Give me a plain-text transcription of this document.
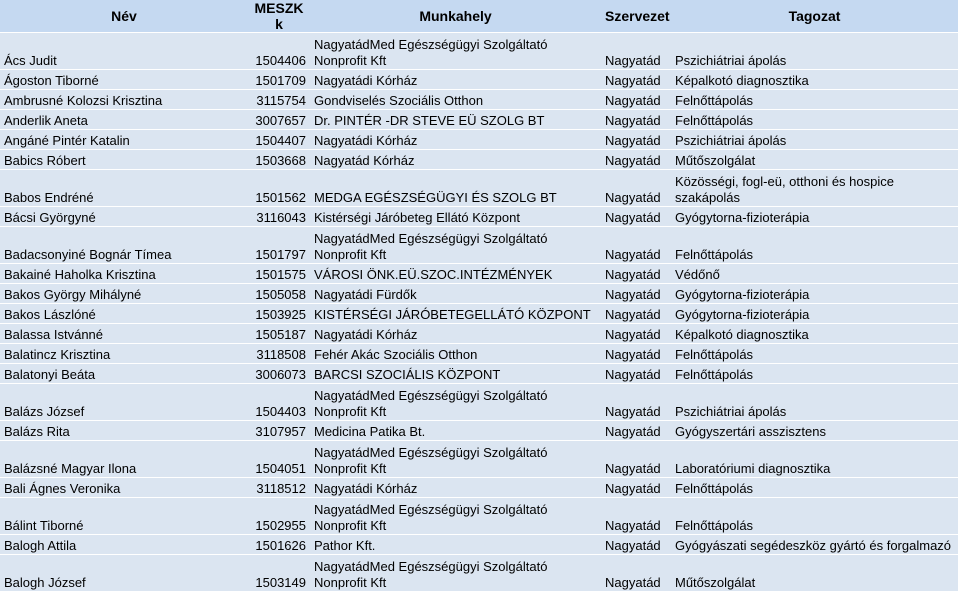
Név	MESZK k	Munkahely	Szervezet	Tagozat
Ács Judit	1504406	NagyatádMed Egészségügyi Szolgáltató Nonprofit Kft	Nagyatád	Pszichiátriai ápolás
Ágoston Tiborné	1501709	Nagyatádi Kórház	Nagyatád	Képalkotó diagnosztika
Ambrusné Kolozsi Krisztina	3115754	Gondviselés Szociális Otthon	Nagyatád	Felnőttápolás
Anderlik Aneta	3007657	Dr. PINTÉR -DR STEVE EÜ SZOLG BT	Nagyatád	Felnőttápolás
Angáné Pintér Katalin	1504407	Nagyatádi Kórház	Nagyatád	Pszichiátriai ápolás
Babics Róbert	1503668	Nagyatád Kórház	Nagyatád	Műtőszolgálat
Babos Endréné	1501562	MEDGA EGÉSZSÉGÜGYI ÉS SZOLG BT	Nagyatád	Közösségi, fogl-eü, otthoni és hospice szakápolás
Bácsi Györgyné	3116043	Kistérségi Járóbeteg Ellátó Központ	Nagyatád	Gyógytorna-fizioterápia
Badacsonyiné Bognár Tímea	1501797	NagyatádMed Egészségügyi Szolgáltató Nonprofit Kft	Nagyatád	Felnőttápolás
Bakainé Haholka Krisztina	1501575	VÁROSI ÖNK.EÜ.SZOC.INTÉZMÉNYEK	Nagyatád	Védőnő
Bakos György Mihályné	1505058	Nagyatádi Fürdők	Nagyatád	Gyógytorna-fizioterápia
Bakos Lászlóné	1503925	KISTÉRSÉGI JÁRÓBETEGELLÁTÓ KÖZPONT	Nagyatád	Gyógytorna-fizioterápia
Balassa Istvánné	1505187	Nagyatádi Kórház	Nagyatád	Képalkotó diagnosztika
Balatincz Krisztina	3118508	Fehér Akác Szociális Otthon	Nagyatád	Felnőttápolás
Balatonyi Beáta	3006073	BARCSI SZOCIÁLIS KÖZPONT	Nagyatád	Felnőttápolás
Balázs József	1504403	NagyatádMed Egészségügyi Szolgáltató Nonprofit Kft	Nagyatád	Pszichiátriai ápolás
Balázs Rita	3107957	Medicina Patika Bt.	Nagyatád	Gyógyszertári asszisztens
Balázsné Magyar Ilona	1504051	NagyatádMed Egészségügyi Szolgáltató Nonprofit Kft	Nagyatád	Laboratóriumi diagnosztika
Bali Ágnes Veronika	3118512	Nagyatádi Kórház	Nagyatád	Felnőttápolás
Bálint Tiborné	1502955	NagyatádMed Egészségügyi Szolgáltató Nonprofit Kft	Nagyatád	Felnőttápolás
Balogh Attila	1501626	Pathor Kft.	Nagyatád	Gyógyászati segédeszköz gyártó és forgalmazó
Balogh József	1503149	NagyatádMed Egészségügyi Szolgáltató Nonprofit Kft	Nagyatád	Műtőszolgálat
